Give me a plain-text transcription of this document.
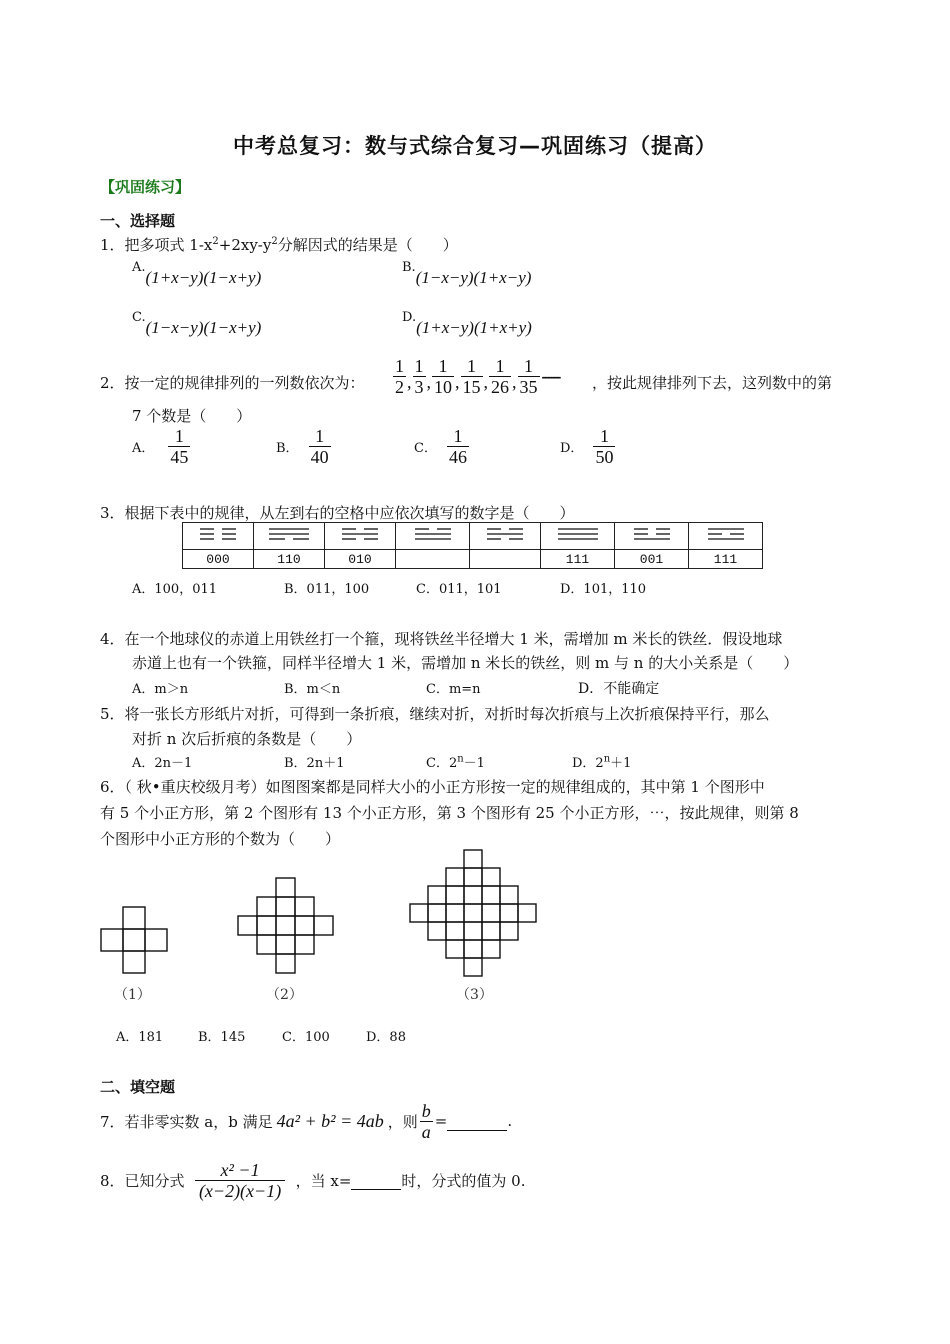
中考总复习：数与式综合复习—巩固练习（提高）
【巩固练习】
一、选择题
1．把多项式 $1-x^2+2xy-y^2$分解因式的结果是（　　）
A.(1+x−y)(1−x+y)
B.(1−x−y)(1+x−y)
C.(1−x−y)(1−x+y)
D.(1+x−y)(1+x+y)
2．按一定的规律排列的一列数依次为： $\frac{1}{2}$ , $\frac{1}{3}$ , $\frac{1}{10}$ , $\frac{1}{15}$ , $\frac{1}{26}$ , $\frac{1}{35}$ ------ ，按此规律排列下去，这列数中的第
7 个数是（　　）
A． $\frac{1}{45}$	B． $\frac{1}{40}$	C． $\frac{1}{46}$	D． $\frac{1}{50}$
3．根据下表中的规律，从左到右的空格中应依次填写的数字是（　　）

000	110	010			111	001	111
A．100，011	B．011，100	C．011，101	D．101，110
4．在一个地球仪的赤道上用铁丝打一个箍，现将铁丝半径增大 1 米，需增加 m 米长的铁丝．假设地球
赤道上也有一个铁箍，同样半径增大 1 米，需增加 n 米长的铁丝，则 m 与 n 的大小关系是（　　）
A．m＞n	B．m＜n	C．m=n	D．不能确定
5．将一张长方形纸片对折，可得到一条折痕，继续对折，对折时每次折痕与上次折痕保持平行，那么
对折 n 次后折痕的条数是（　　）
A．2n－1	B．2n＋1	C．$2^n-1$	D．$2^n+1$
6．（ 秋•重庆校级月考）如图图案都是同样大小的小正方形按一定的规律组成的，其中第 1 个图形中
有 5 个小正方形，第 2 个图形有 13 个小正方形，第 3 个图形有 25 个小正方形，⋯，按此规律，则第 8
个图形中小正方形的个数为（　　）
（1）	（2）	（3）
A．181	B．145	C．100	D．88
二、填空题
7．若非零实数 a，b 满足 4a² + b² = 4ab ，则 $\frac{b}{a}$ =	.
8．已知分式 $\frac{\text{x² −1}}{(x-2)(x-1)}$ ，当 x=	时，分式的值为 0.
